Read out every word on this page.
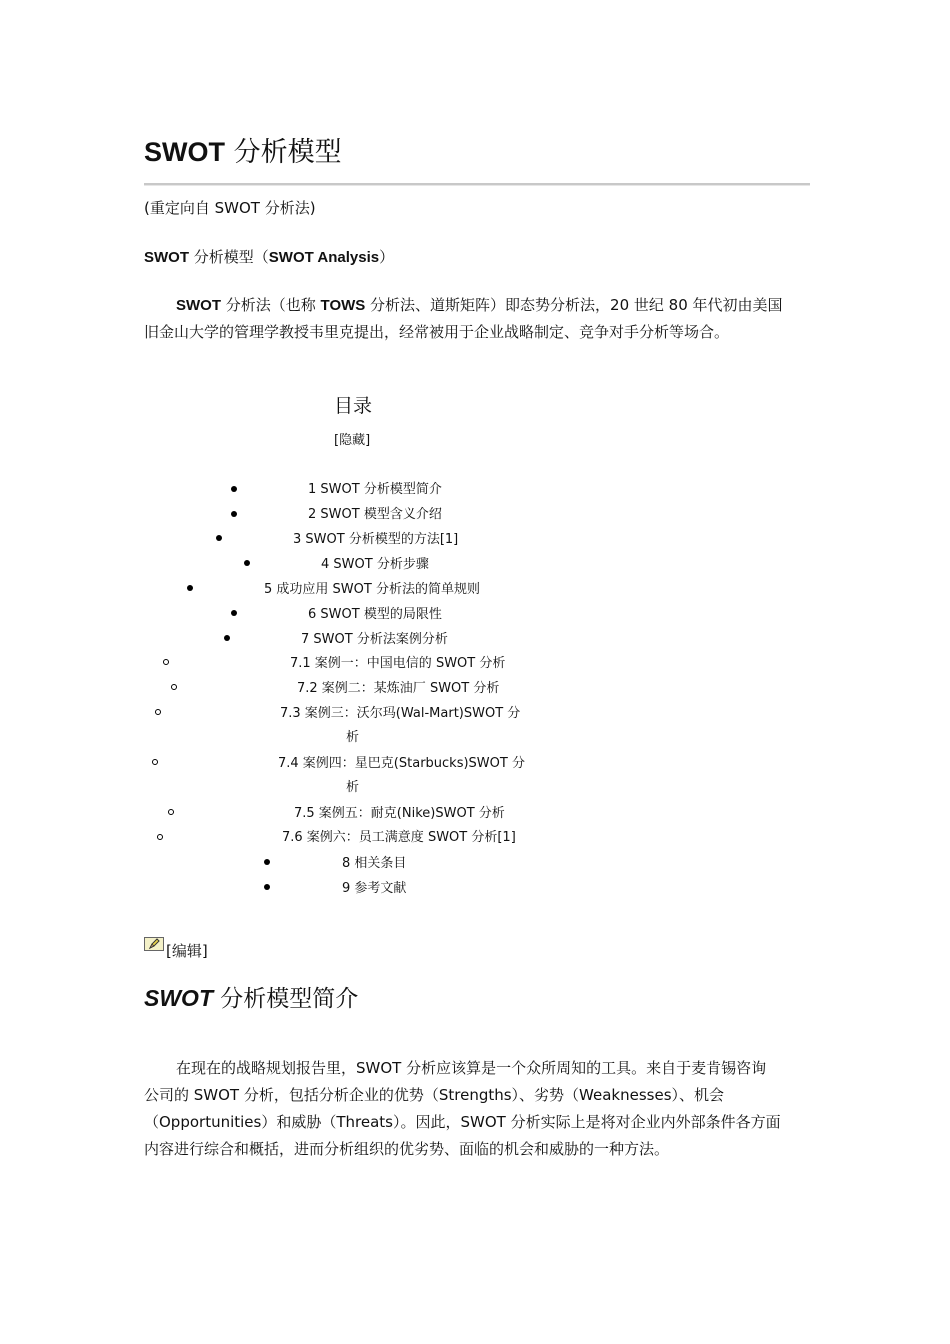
SWOT 分析模型
(重定向自 SWOT 分析法)
SWOT 分析模型（SWOT Analysis）

SWOT 分析法（也称 TOWS 分析法、道斯矩阵）即态势分析法，20 世纪 80 年代初由美国
旧金山大学的管理学教授韦里克提出，经常被用于企业战略制定、竞争对手分析等场合。

目录
[隐藏]
1 SWOT 分析模型简介
2 SWOT 模型含义介绍
3 SWOT 分析模型的方法[1]
4 SWOT 分析步骤
5 成功应用 SWOT 分析法的简单规则
6 SWOT 模型的局限性
7 SWOT 分析法案例分析
7.1 案例一：中国电信的 SWOT 分析
7.2 案例二：某炼油厂 SWOT 分析
7.3 案例三：沃尔玛(Wal-Mart)SWOT 分
析
7.4 案例四：星巴克(Starbucks)SWOT 分
析
7.5 案例五：耐克(Nike)SWOT 分析
7.6 案例六：员工满意度 SWOT 分析[1]
8 相关条目
9 参考文献
[编辑]
SWOT 分析模型简介

在现在的战略规划报告里，SWOT 分析应该算是一个众所周知的工具。来自于麦肯锡咨询
公司的 SWOT 分析，包括分析企业的优势（Strengths）、劣势（Weaknesses）、机会
（Opportunities）和威胁（Threats）。因此，SWOT 分析实际上是将对企业内外部条件各方面
内容进行综合和概括，进而分析组织的优劣势、面临的机会和威胁的一种方法。
